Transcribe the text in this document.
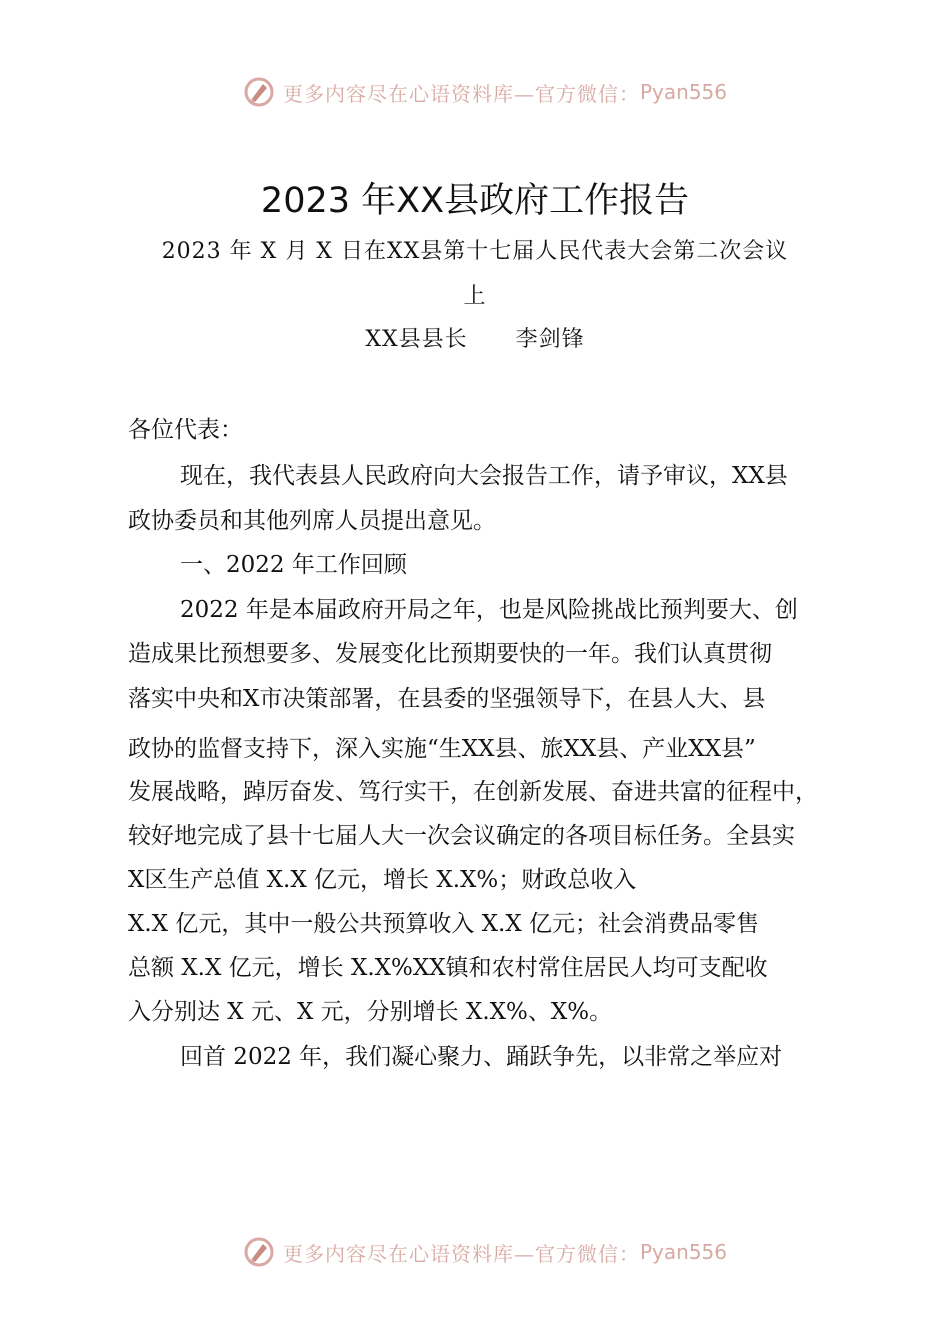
更多内容尽在心语资料库—官方微信： Pyan556
2023 年XX县政府工作报告
2023 年 X 月 X 日在XX县第十七届人民代表大会第二次会议
上
XX县县长      李剑锋
各位代表：
现在，我代表县人民政府向大会报告工作，请予审议，XX县
政协委员和其他列席人员提出意见。
一、2022 年工作回顾
2022 年是本届政府开局之年，也是风险挑战比预判要大、创
造成果比预想要多、发展变化比预期要快的一年。我们认真贯彻
落实中央和X市决策部署，在县委的坚强领导下，在县人大、县
政协的监督支持下，深入实施“生XX县、旅XX县、产业XX县”
发展战略，踔厉奋发、笃行实干，在创新发展、奋进共富的征程中，
较好地完成了县十七届人大一次会议确定的各项目标任务。全县实
X区生产总值 X.X 亿元，增长 X.X%；财政总收入
X.X 亿元，其中一般公共预算收入 X.X 亿元；社会消费品零售
总额 X.X 亿元，增长 X.X%XX镇和农村常住居民人均可支配收
入分别达 X 元、X 元，分别增长 X.X%、X%。
回首 2022 年，我们凝心聚力、踊跃争先，以非常之举应对
更多内容尽在心语资料库—官方微信： Pyan556
